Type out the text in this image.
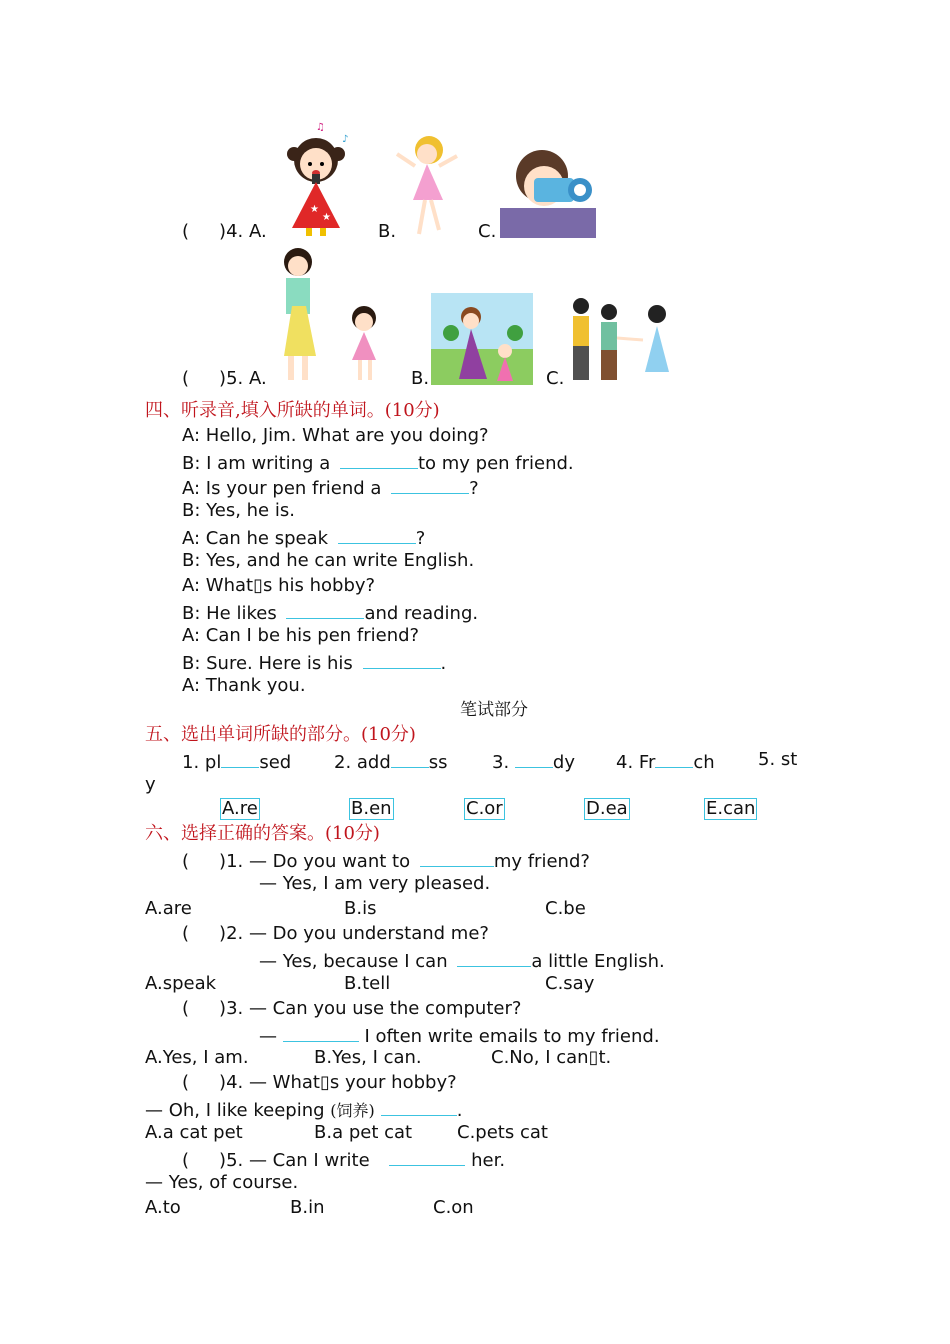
★
★
♫
♪
( )4. A.	B.	C.
( )5. A.	B.	C.
四、听录音,填入所缺的单词。(10分)
A: Hello, Jim. What are you doing?
B: I am writing a	to my pen friend.
A: Is your pen friend a	?
B: Yes, he is.
A: Can he speak	?
B: Yes, and he can write English.
A: What▯s his hobby?
B: He likes	and reading.
A: Can I be his pen friend?
B: Sure. Here is his	.
A: Thank you.
笔试部分
五、选出单词所缺的部分。(10分)
1. pl sed 2. add ss 3. dy 4. Fr ch 5. st
y
A.re	B.en	C.or	D.ea	E.can
六、选择正确的答案。(10分)
( )1. — Do you want to	my friend?
— Yes, I am very pleased.
A.are	B.is	C.be
( )2. — Do you understand me?
— Yes, because I can	a little English.
A.speak	B.tell	C.say
( )3. — Can you use the computer?
—	I often write emails to my friend.
A.Yes, I am.	B.Yes, I can.	C.No, I can▯t.
( )4. — What▯s your hobby?
— Oh, I like keeping (饲养)	.
A.a cat pet	B.a pet cat C.pets cat
( )5. — Can I write	her.
— Yes, of course.
A.to	B.in	C.on
